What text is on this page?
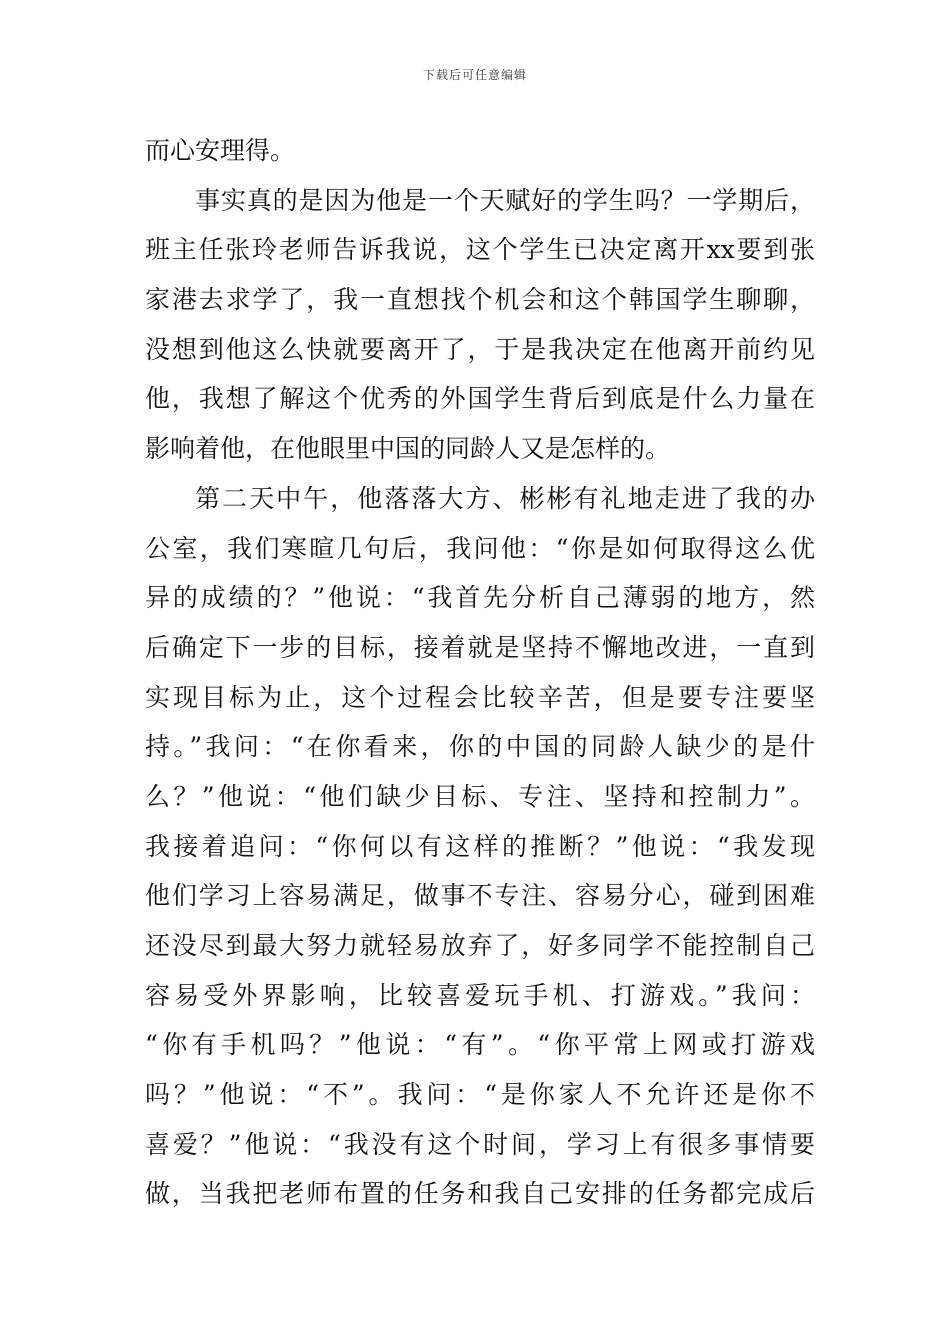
下载后可任意编辑
而心安理得。
事实真的是因为他是一个天赋好的学生吗？一学期后，
班主任张玲老师告诉我说，这个学生已决定离开xx要到张
家港去求学了，我一直想找个机会和这个韩国学生聊聊，
没想到他这么快就要离开了，于是我决定在他离开前约见
他，我想了解这个优秀的外国学生背后到底是什么力量在
影响着他，在他眼里中国的同龄人又是怎样的。
第二天中午，他落落大方、彬彬有礼地走进了我的办
公室，我们寒暄几句后，我问他：“你是如何取得这么优
异的成绩的？”他说：“我首先分析自己薄弱的地方，然
后确定下一步的目标，接着就是坚持不懈地改进，一直到
实现目标为止，这个过程会比较辛苦，但是要专注要坚
持。”我问：“在你看来，你的中国的同龄人缺少的是什
么？”他说：“他们缺少目标、专注、坚持和控制力”。
我接着追问：“你何以有这样的推断？”他说：“我发现
他们学习上容易满足，做事不专注、容易分心，碰到困难
还没尽到最大努力就轻易放弃了，好多同学不能控制自己
容易受外界影响，比较喜爱玩手机、打游戏。”我问：
“你有手机吗？”他说：“有”。“你平常上网或打游戏
吗？”他说：“不”。我问：“是你家人不允许还是你不
喜爱？”他说：“我没有这个时间，学习上有很多事情要
做，当我把老师布置的任务和我自己安排的任务都完成后
